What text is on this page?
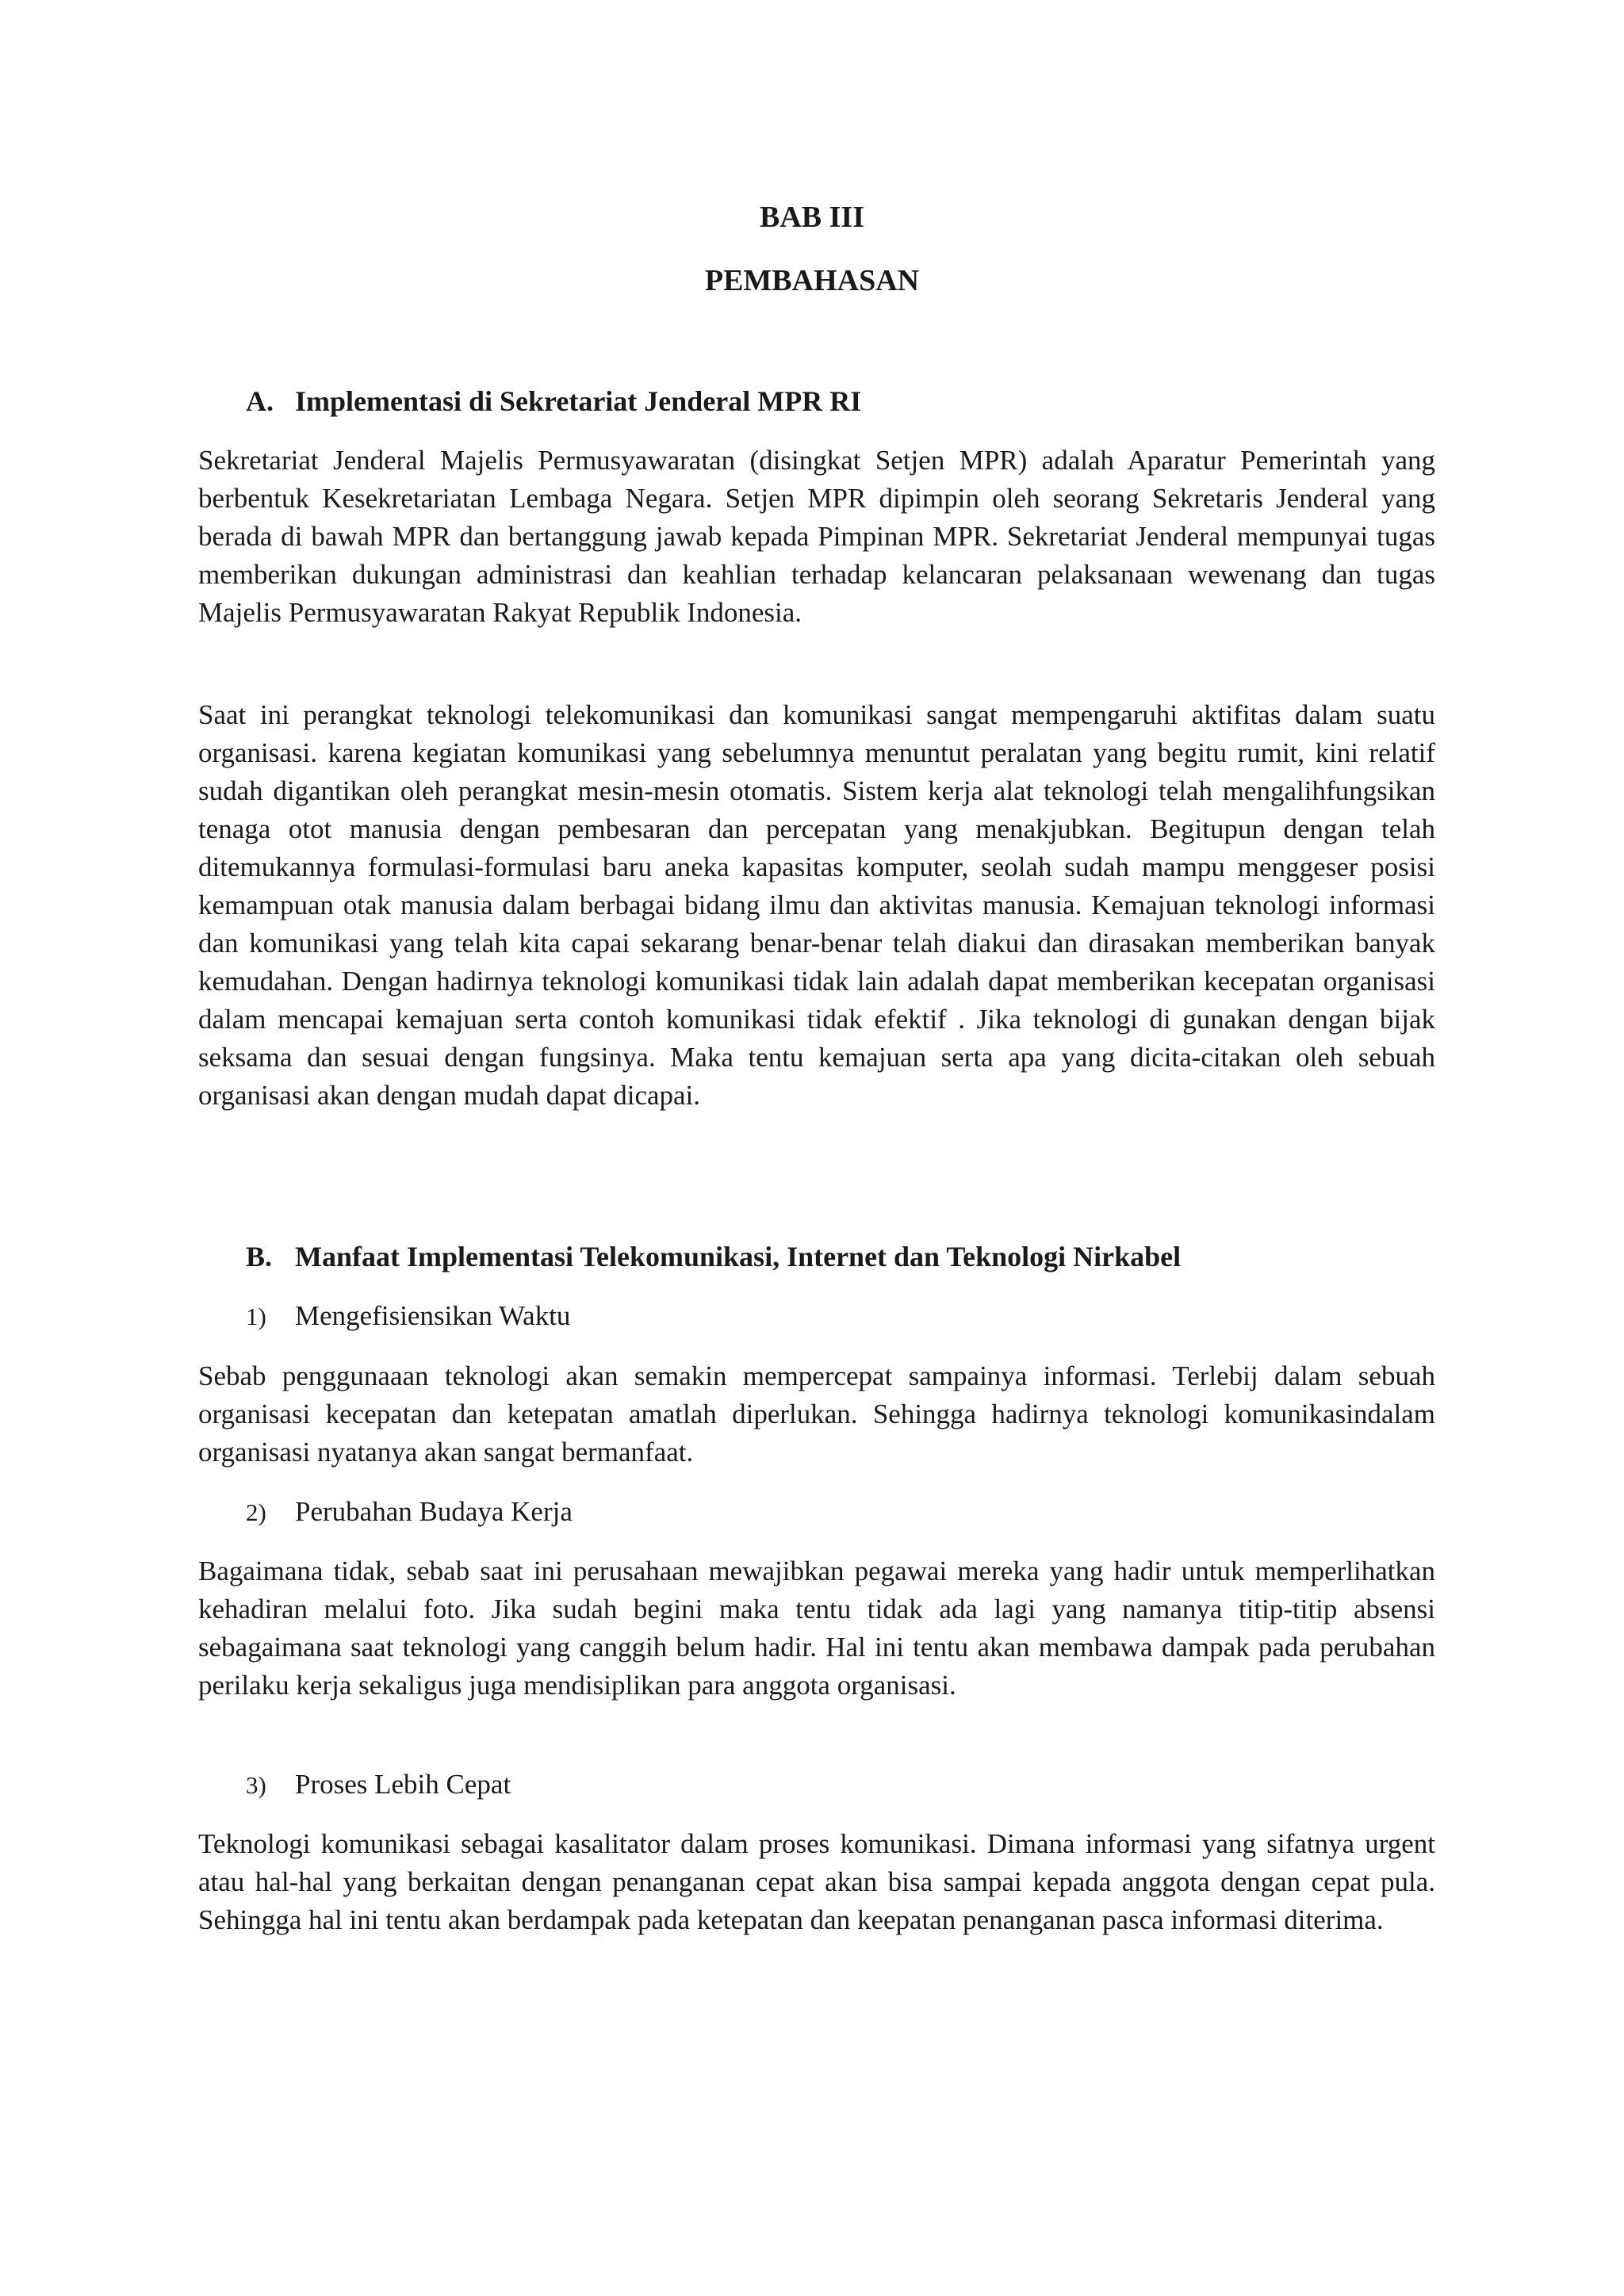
BAB III
PEMBAHASAN
A. Implementasi di Sekretariat Jenderal MPR RI

Sekretariat Jenderal Majelis Permusyawaratan (disingkat Setjen MPR) adalah Aparatur Pemerintah yang berbentuk Kesekretariatan Lembaga Negara. Setjen MPR dipimpin oleh seorang Sekretaris Jenderal yang berada di bawah MPR dan bertanggung jawab kepada Pimpinan MPR. Sekretariat Jenderal mempunyai tugas memberikan dukungan administrasi dan keahlian terhadap kelancaran pelaksanaan wewenang dan tugas Majelis Permusyawaratan Rakyat Republik Indonesia.

Saat ini perangkat teknologi telekomunikasi dan komunikasi sangat mempengaruhi aktifitas dalam suatu organisasi. karena kegiatan komunikasi yang sebelumnya menuntut peralatan yang begitu rumit, kini relatif sudah digantikan oleh perangkat mesin-mesin otomatis. Sistem kerja alat teknologi telah mengalihfungsikan tenaga otot manusia dengan pembesaran dan percepatan yang menakjubkan. Begitupun dengan telah ditemukannya formulasi-formulasi baru aneka kapasitas komputer, seolah sudah mampu menggeser posisi kemampuan otak manusia dalam berbagai bidang ilmu dan aktivitas manusia. Kemajuan teknologi informasi dan komunikasi yang telah kita capai sekarang benar-benar telah diakui dan dirasakan memberikan banyak kemudahan. Dengan hadirnya teknologi komunikasi tidak lain adalah dapat memberikan kecepatan organisasi dalam mencapai kemajuan serta contoh komunikasi tidak efektif . Jika teknologi di gunakan dengan bijak seksama dan sesuai dengan fungsinya. Maka tentu kemajuan serta apa yang dicita-citakan oleh sebuah organisasi akan dengan mudah dapat dicapai.

B. Manfaat Implementasi Telekomunikasi, Internet dan Teknologi Nirkabel
1) Mengefisiensikan Waktu

Sebab penggunaaan teknologi akan semakin mempercepat sampainya informasi. Terlebij dalam sebuah organisasi kecepatan dan ketepatan amatlah diperlukan. Sehingga hadirnya teknologi komunikasindalam organisasi nyatanya akan sangat bermanfaat.

2) Perubahan Budaya Kerja

Bagaimana tidak, sebab saat ini perusahaan mewajibkan pegawai mereka yang hadir untuk memperlihatkan kehadiran melalui foto. Jika sudah begini maka tentu tidak ada lagi yang namanya titip-titip absensi sebagaimana saat teknologi yang canggih belum hadir. Hal ini tentu akan membawa dampak pada perubahan perilaku kerja sekaligus juga mendisiplikan para anggota organisasi.

3) Proses Lebih Cepat

Teknologi komunikasi sebagai kasalitator dalam proses komunikasi. Dimana informasi yang sifatnya urgent atau hal-hal yang berkaitan dengan penanganan cepat akan bisa sampai kepada anggota dengan cepat pula. Sehingga hal ini tentu akan berdampak pada ketepatan dan keepatan penanganan pasca informasi diterima.
